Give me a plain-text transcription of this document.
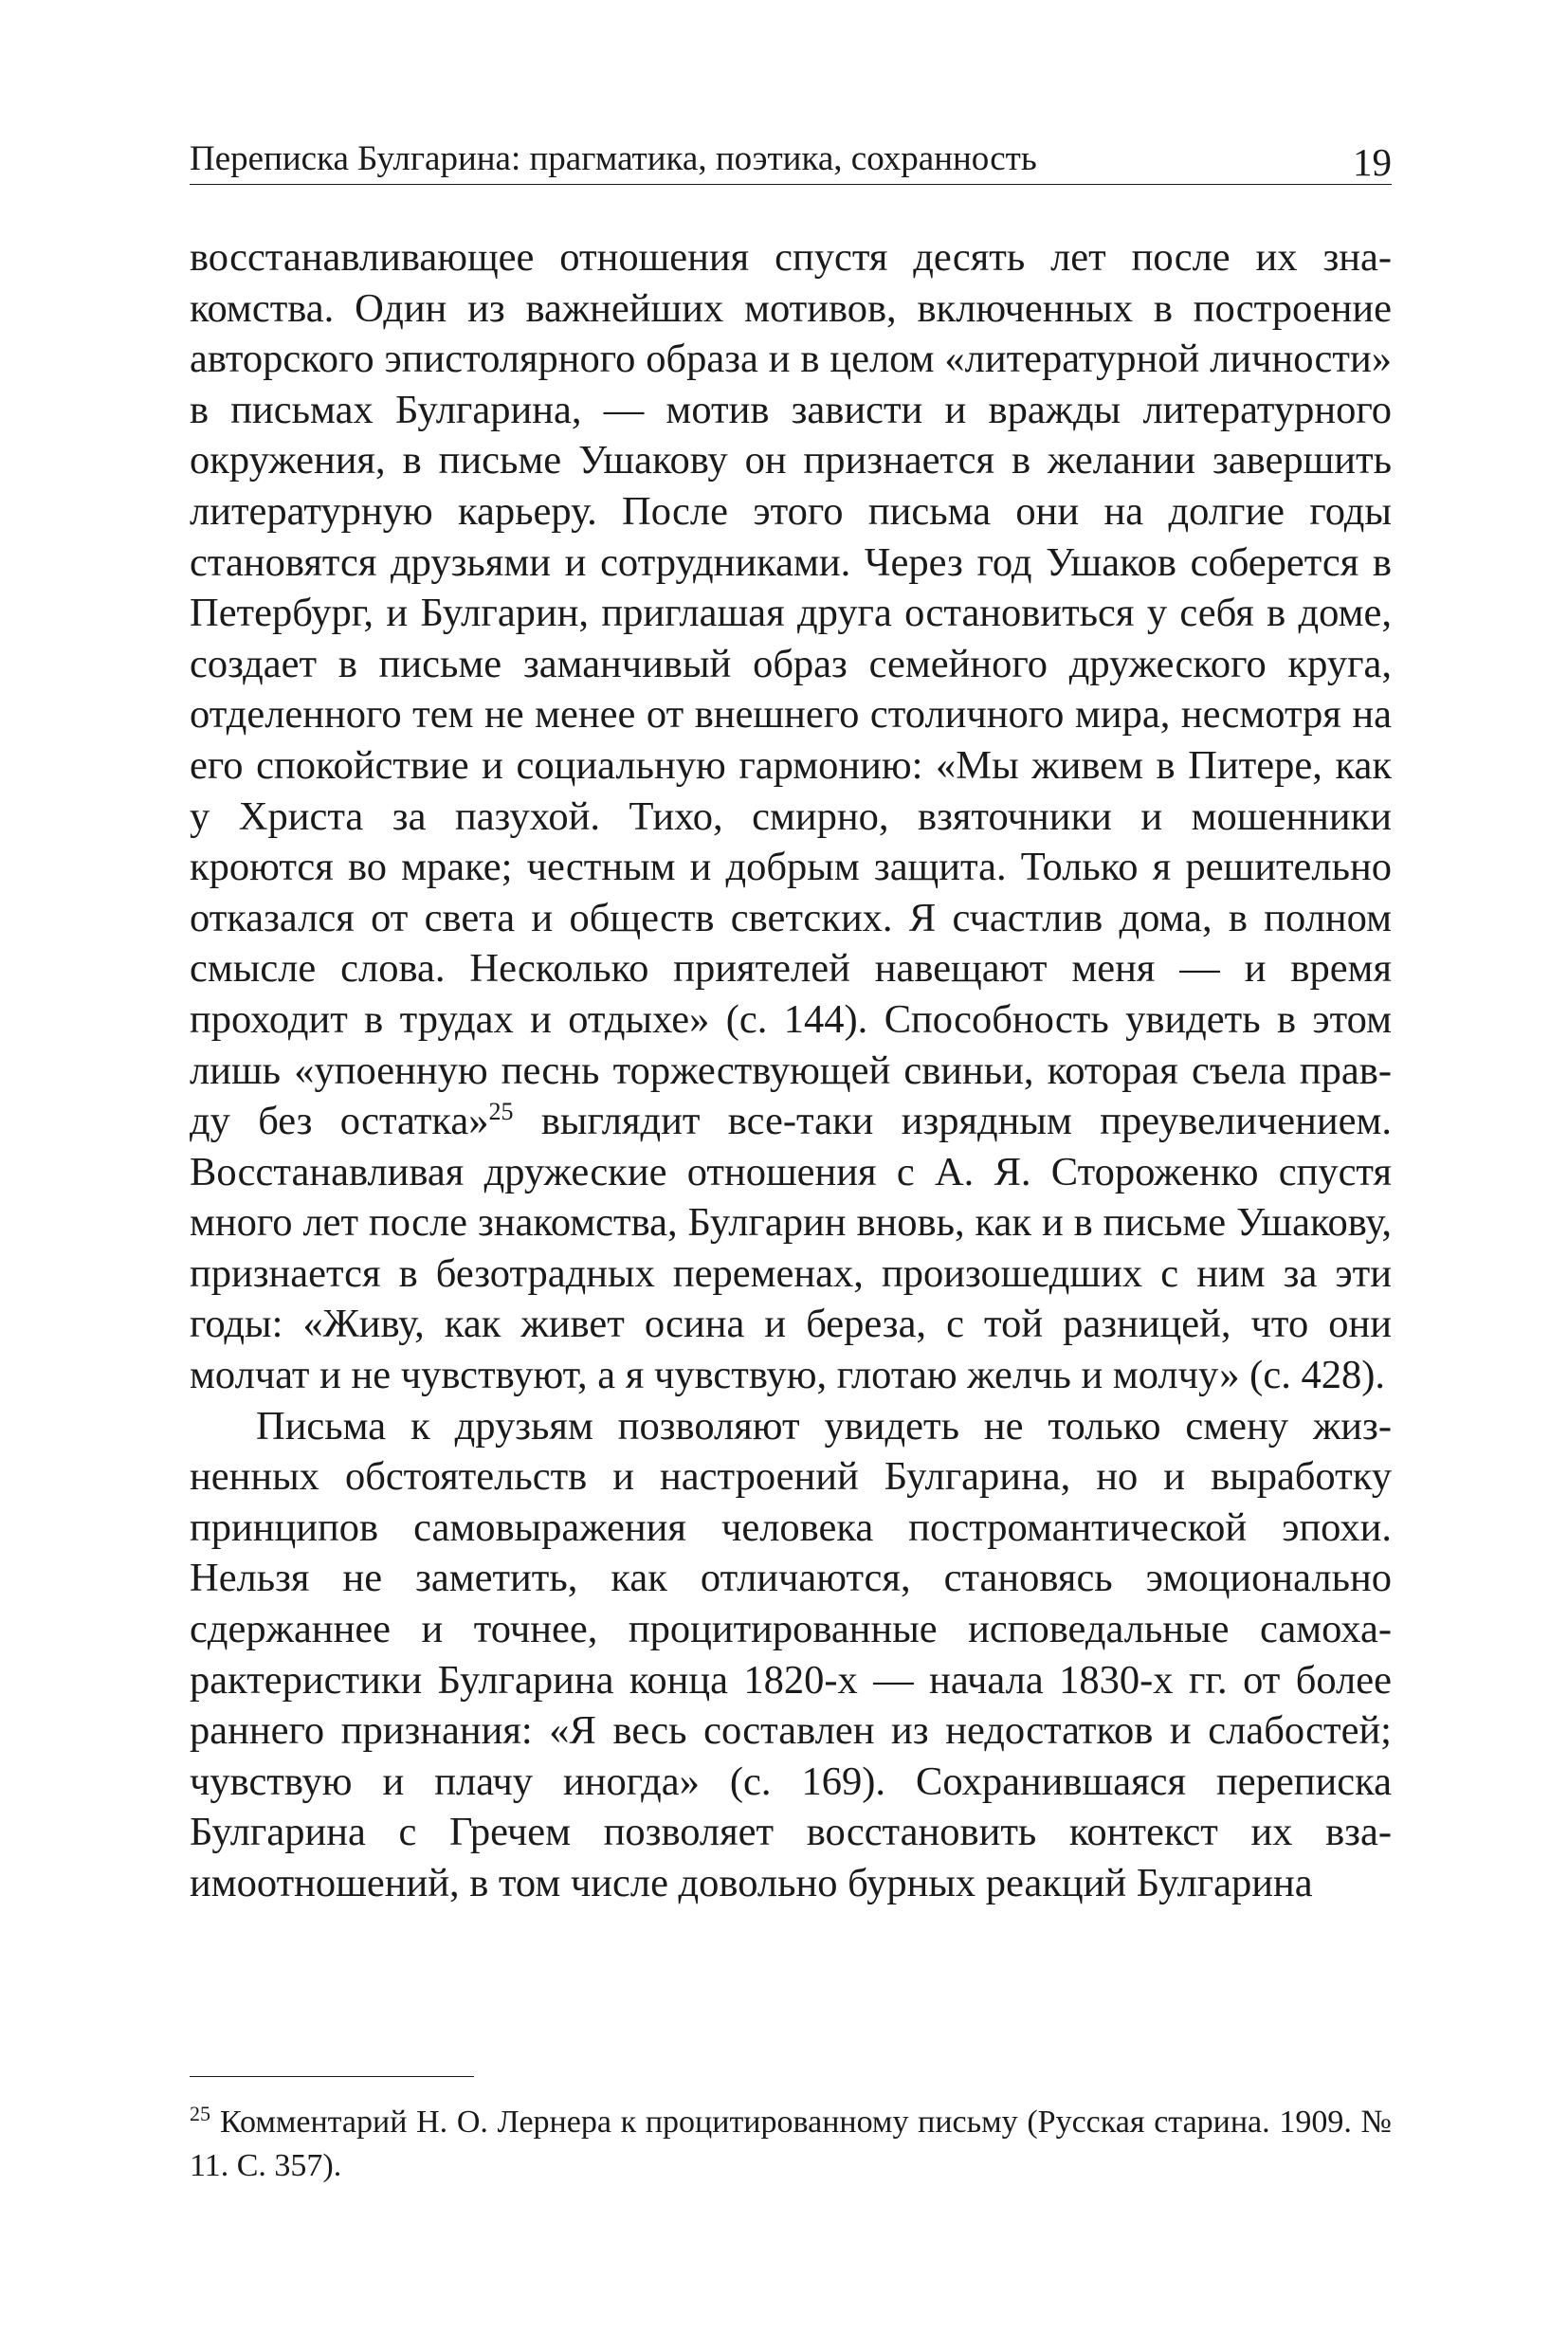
Переписка Булгарина: прагматика, поэтика, сохранность	19

восстанавливающее отношения спустя десять лет после их знакомства. Один из важнейших мотивов, включенных в построение авторского эпистолярного образа и в целом «литературной личности» в письмах Булгарина, — мотив зависти и вражды литературного окружения, в письме Ушакову он признается в желании завершить литературную карьеру. После этого письма они на долгие годы становятся друзьями и сотрудниками. Через год Ушаков соберется в Петербург, и Булгарин, приглашая друга остановиться у себя в доме, создает в письме заманчивый образ семейного дружеского круга, отделенного тем не менее от внешнего столичного мира, несмотря на его спокойствие и социальную гармонию: «Мы живем в Питере, как у Христа за пазухой. Тихо, смирно, взяточники и мошенники кроются во мраке; честным и добрым защита. Только я решительно отказался от света и обществ светских. Я счастлив дома, в полном смысле слова. Несколько приятелей навещают меня — и время проходит в трудах и отдыхе» (с. 144). Способность увидеть в этом лишь «упоенную песнь торжествующей свиньи, которая съела правду без остатка»$^{25}$ выглядит все-таки изрядным преувеличением. Восстанавливая дружеские отношения с А. Я. Стороженко спустя много лет после знакомства, Булгарин вновь, как и в письме Ушакову, признается в безотрадных переменах, произошедших с ним за эти годы: «Живу, как живет осина и береза, с той разницей, что они молчат и не чувствуют, а я чувствую, глотаю желчь и молчу» (с. 428).

Письма к друзьям позволяют увидеть не только смену жизненных обстоятельств и настроений Булгарина, но и выработку принципов самовыражения человека постромантической эпохи. Нельзя не заметить, как отличаются, становясь эмоционально сдержаннее и точнее, процитированные исповедальные самохарактеристики Булгарина конца 1820-х — начала 1830-х гг. от более раннего признания: «Я весь составлен из недостатков и слабостей; чувствую и плачу иногда» (с. 169). Сохранившаяся переписка Булгарина с Гречем позволяет восстановить контекст их взаимоотношений, в том числе довольно бурных реакций Булгарина

$^{25}$ Комментарий Н. О. Лернера к процитированному письму (Русская старина. 1909. № 11. С. 357).
